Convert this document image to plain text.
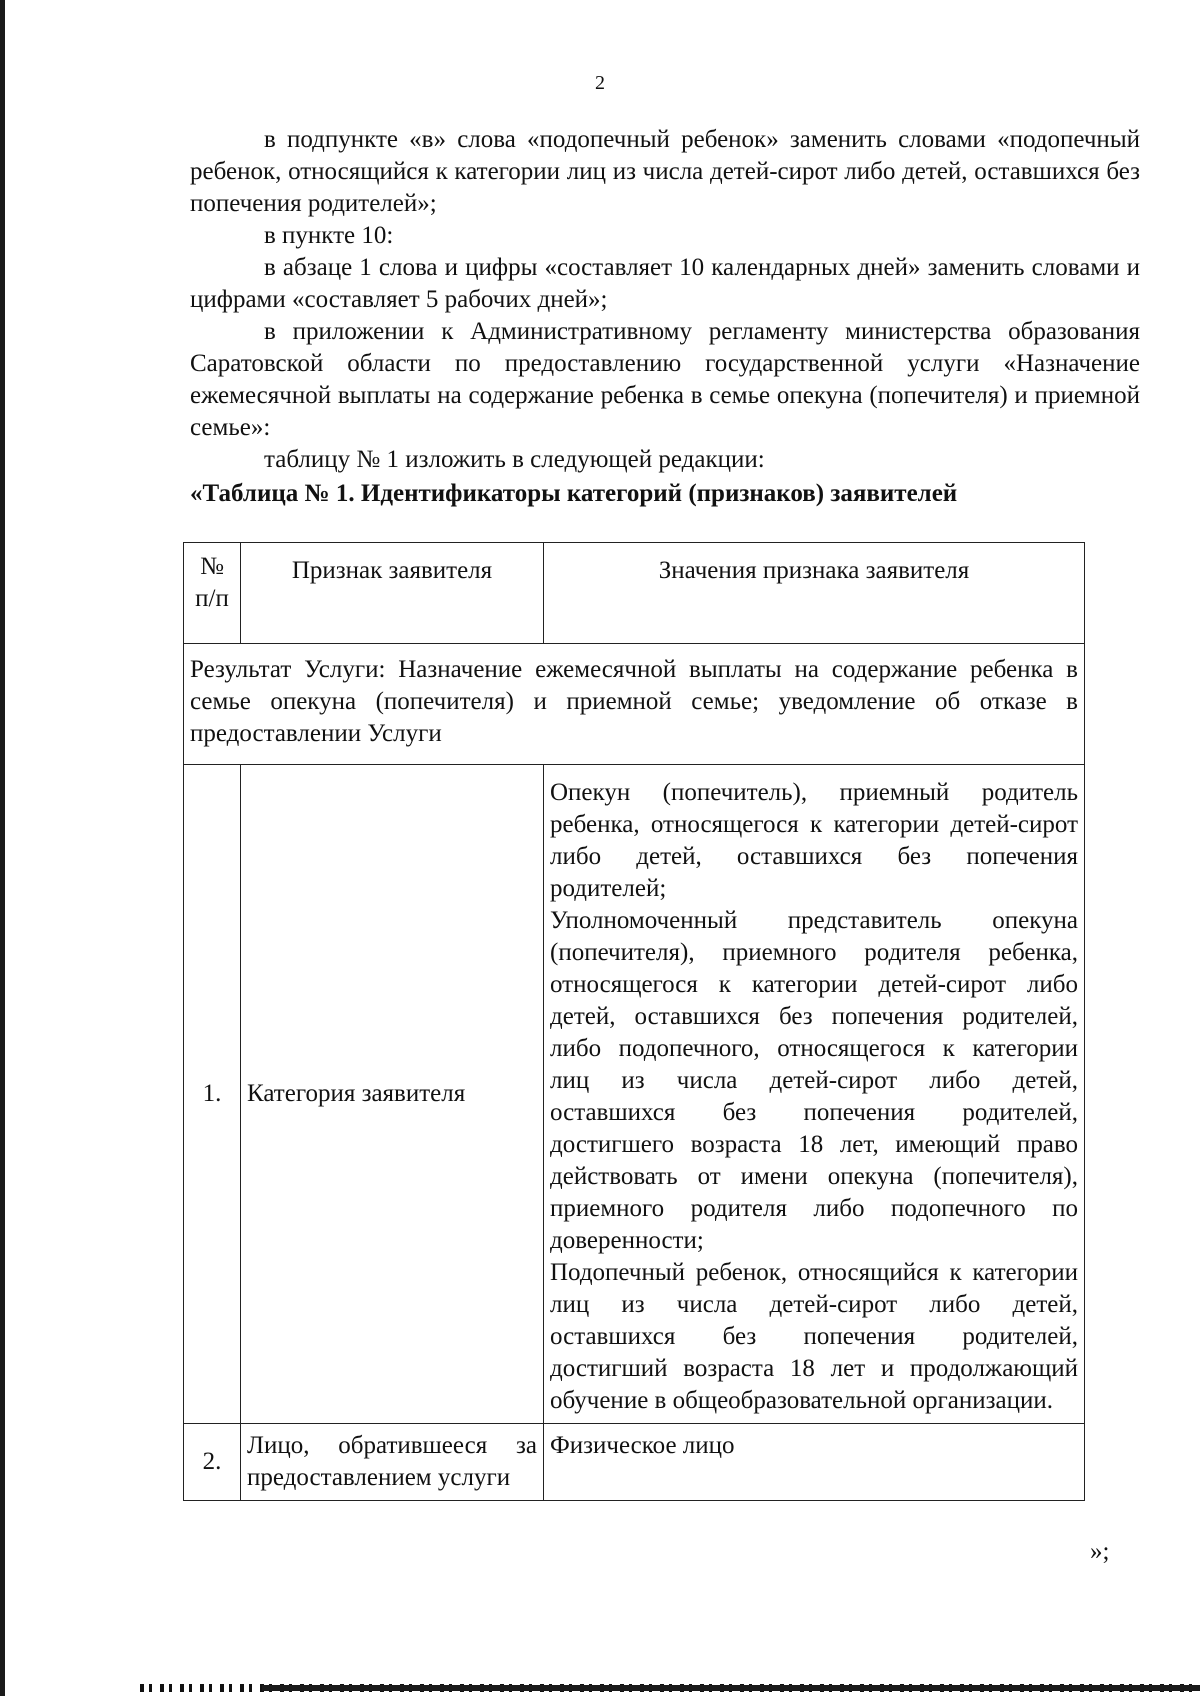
2

в подпункте «в» слова «подопечный ребенок» заменить словами «подопечный ребенок, относящийся к категории лиц из числа детей-сирот либо детей, оставшихся без попечения родителей»;

в пункте 10:

в абзаце 1 слова и цифры «составляет 10 календарных дней» заменить словами и цифрами «составляет 5 рабочих дней»;

в приложении к Административному регламенту министерства образования Саратовской области по предоставлению государственной услуги «Назначение ежемесячной выплаты на содержание ребенка в семье опекуна (попечителя) и приемной семье»:

таблицу № 1 изложить в следующей редакции:

«Таблица № 1. Идентификаторы категорий (признаков) заявителей

№ п/п	Признак заявителя	Значения признака заявителя
Результат Услуги: Назначение ежемесячной выплаты на содержание ребенка в семье опекуна (попечителя) и приемной семье; уведомление об отказе в предоставлении Услуги		
1.	Категория заявителя	Опекун (попечитель), приемный родитель ребенка, относящегося к категории детей-сирот либо детей, оставшихся без попечения родителей;
Уполномоченный представитель опекуна (попечителя), приемного родителя ребенка, относящегося к категории детей-сирот либо детей, оставшихся без попечения родителей, либо подопечного, относящегося к категории лиц из числа детей-сирот либо детей, оставшихся без попечения родителей, достигшего возраста 18 лет, имеющий право действовать от имени опекуна (попечителя), приемного родителя либо подопечного по доверенности;
Подопечный ребенок, относящийся к категории лиц из числа детей-сирот либо детей, оставшихся без попечения родителей, достигший возраста 18 лет и продолжающий обучение в общеобразовательной организации.

2.	Лицо, обратившееся за предоставлением услуги	Физическое лицо
»;
